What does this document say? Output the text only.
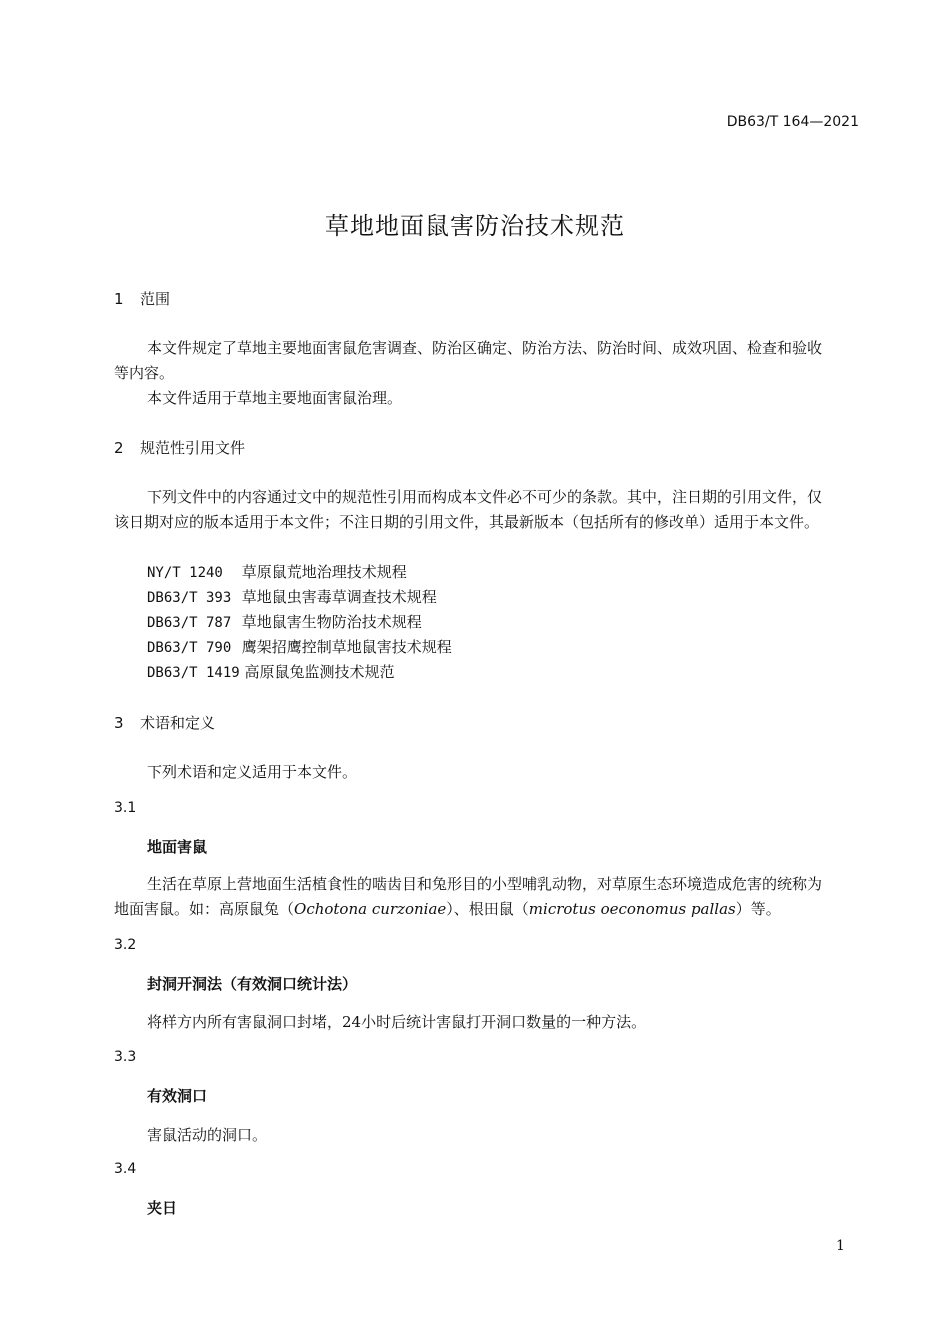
DB63/T 164—2021
草地地面鼠害防治技术规范
1 范围
本文件规定了草地主要地面害鼠危害调查、防治区确定、防治方法、防治时间、成效巩固、检查和验收等内容。
本文件适用于草地主要地面害鼠治理。
2 规范性引用文件
下列文件中的内容通过文中的规范性引用而构成本文件必不可少的条款。其中，注日期的引用文件，仅该日期对应的版本适用于本文件；不注日期的引用文件，其最新版本（包括所有的修改单）适用于本文件。
NY/T 1240 草原鼠荒地治理技术规程
DB63/T 393 草地鼠虫害毒草调查技术规程
DB63/T 787 草地鼠害生物防治技术规程
DB63/T 790 鹰架招鹰控制草地鼠害技术规程
DB63/T 1419 高原鼠兔监测技术规范
3 术语和定义
下列术语和定义适用于本文件。
3.1
地面害鼠
生活在草原上营地面生活植食性的啮齿目和兔形目的小型哺乳动物，对草原生态环境造成危害的统称为地面害鼠。如：高原鼠兔（Ochotona curzoniae）、根田鼠（microtus oeconomus pallas）等。
3.2
封洞开洞法（有效洞口统计法）
将样方内所有害鼠洞口封堵，24小时后统计害鼠打开洞口数量的一种方法。
3.3
有效洞口
害鼠活动的洞口。
3.4
夹日
1
